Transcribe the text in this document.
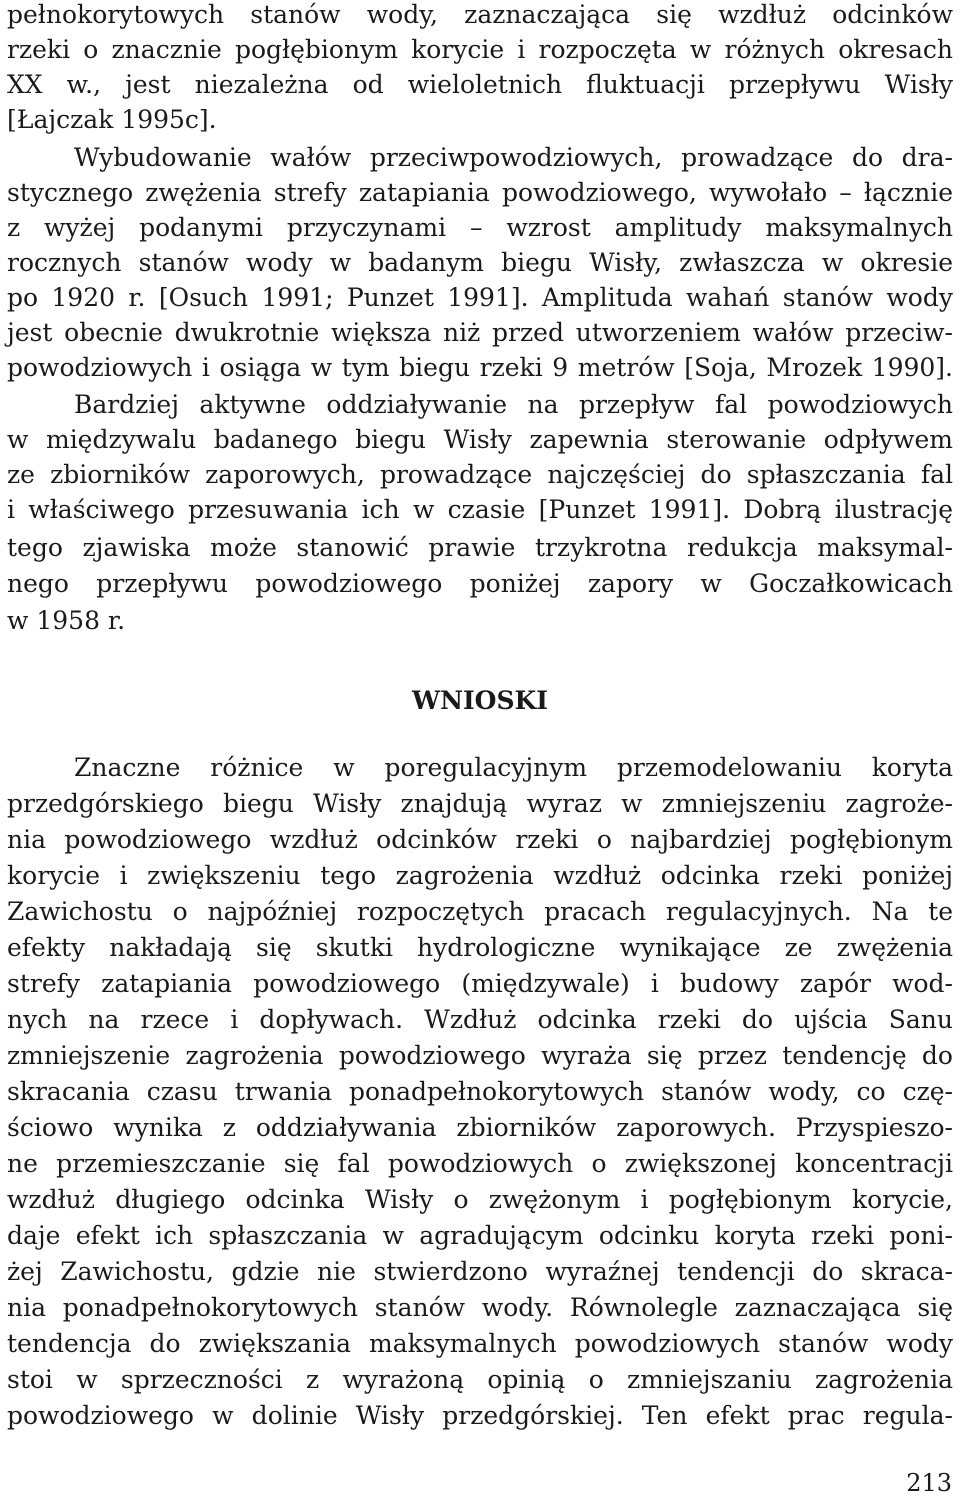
pełnokorytowych stanów wody, zaznaczająca się wzdłuż odcinków
rzeki o znacznie pogłębionym korycie i rozpoczęta w różnych okresach
XX w., jest niezależna od wieloletnich fluktuacji przepływu Wisły
[Łajczak 1995c].
Wybudowanie wałów przeciwpowodziowych, prowadzące do dra-
stycznego zwężenia strefy zatapiania powodziowego, wywołało – łącznie
z wyżej podanymi przyczynami – wzrost amplitudy maksymalnych
rocznych stanów wody w badanym biegu Wisły, zwłaszcza w okresie
po 1920 r. [Osuch 1991; Punzet 1991]. Amplituda wahań stanów wody
jest obecnie dwukrotnie większa niż przed utworzeniem wałów przeciw-
powodziowych i osiąga w tym biegu rzeki 9 metrów [Soja, Mrozek 1990].
Bardziej aktywne oddziaływanie na przepływ fal powodziowych
w międzywalu badanego biegu Wisły zapewnia sterowanie odpływem
ze zbiorników zaporowych, prowadzące najczęściej do spłaszczania fal
i właściwego przesuwania ich w czasie [Punzet 1991]. Dobrą ilustrację
tego zjawiska może stanowić prawie trzykrotna redukcja maksymal-
nego przepływu powodziowego poniżej zapory w Goczałkowicach
w 1958 r.
WNIOSKI
Znaczne różnice w poregulacyjnym przemodelowaniu koryta
przedgórskiego biegu Wisły znajdują wyraz w zmniejszeniu zagroże-
nia powodziowego wzdłuż odcinków rzeki o najbardziej pogłębionym
korycie i zwiększeniu tego zagrożenia wzdłuż odcinka rzeki poniżej
Zawichostu o najpóźniej rozpoczętych pracach regulacyjnych. Na te
efekty nakładają się skutki hydrologiczne wynikające ze zwężenia
strefy zatapiania powodziowego (międzywale) i budowy zapór wod-
nych na rzece i dopływach. Wzdłuż odcinka rzeki do ujścia Sanu
zmniejszenie zagrożenia powodziowego wyraża się przez tendencję do
skracania czasu trwania ponadpełnokorytowych stanów wody, co czę-
ściowo wynika z oddziaływania zbiorników zaporowych. Przyspieszo-
ne przemieszczanie się fal powodziowych o zwiększonej koncentracji
wzdłuż długiego odcinka Wisły o zwężonym i pogłębionym korycie,
daje efekt ich spłaszczania w agradującym odcinku koryta rzeki poni-
żej Zawichostu, gdzie nie stwierdzono wyraźnej tendencji do skraca-
nia ponadpełnokorytowych stanów wody. Równolegle zaznaczająca się
tendencja do zwiększania maksymalnych powodziowych stanów wody
stoi w sprzeczności z wyrażoną opinią o zmniejszaniu zagrożenia
powodziowego w dolinie Wisły przedgórskiej. Ten efekt prac regula-
213
